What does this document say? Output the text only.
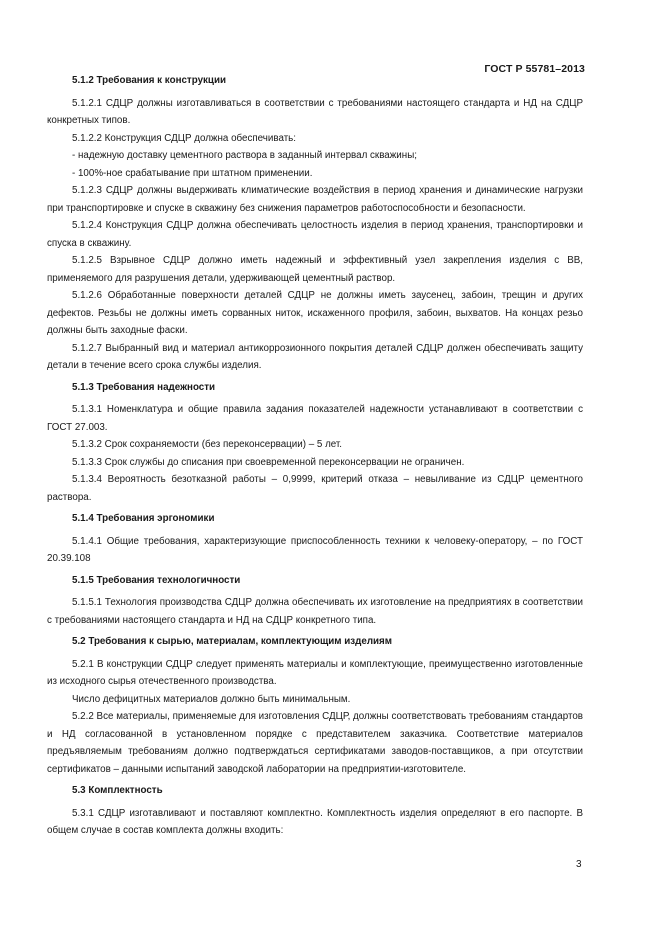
ГОСТ Р 55781–2013
5.1.2 Требования к конструкции

5.1.2.1 СДЦР должны изготавливаться в соответствии с требованиями настоящего стандарта и НД на СДЦР конкретных типов.

5.1.2.2 Конструкция СДЦР должна обеспечивать:

- надежную доставку цементного раствора в заданный интервал скважины;

- 100%-ное срабатывание при штатном применении.

5.1.2.3 СДЦР должны выдерживать климатические воздействия в период хранения и динамические нагрузки при транспортировке и спуске в скважину без снижения параметров работоспособности и безопасности.

5.1.2.4 Конструкция СДЦР должна обеспечивать целостность изделия в период хранения, транспортировки и спуска в скважину.

5.1.2.5 Взрывное СДЦР должно иметь надежный и эффективный узел закрепления изделия с ВВ, применяемого для разрушения детали, удерживающей цементный раствор.

5.1.2.6 Обработанные поверхности деталей СДЦР не должны иметь заусенец, забоин, трещин и других дефектов. Резьбы не должны иметь сорванных ниток, искаженного профиля, забоин, выхватов. На концах резьо должны быть заходные фаски.

5.1.2.7 Выбранный вид и материал антикоррозионного покрытия деталей СДЦР должен обеспечивать защиту детали в течение всего срока службы изделия.

5.1.3 Требования надежности

5.1.3.1 Номенклатура и общие правила задания показателей надежности устанавливают в соответствии с ГОСТ 27.003.

5.1.3.2 Срок сохраняемости (без переконсервации) – 5 лет.

5.1.3.3 Срок службы до списания при своевременной переконсервации не ограничен.

5.1.3.4 Вероятность безотказной работы – 0,9999, критерий отказа – невыливание из СДЦР цементного раствора.

5.1.4 Требования эргономики

5.1.4.1 Общие требования, характеризующие приспособленность техники к человеку-оператору, – по ГОСТ 20.39.108

5.1.5 Требования технологичности

5.1.5.1 Технология производства СДЦР должна обеспечивать их изготовление на предприятиях в соответствии с требованиями настоящего стандарта и НД на СДЦР конкретного типа.

5.2 Требования к сырью, материалам, комплектующим изделиям

5.2.1 В конструкции СДЦР следует применять материалы и комплектующие, преимущественно изготовленные из исходного сырья отечественного производства.

Число дефицитных материалов должно быть минимальным.

5.2.2 Все материалы, применяемые для изготовления СДЦР, должны соответствовать требованиям стандартов и НД согласованной в установленном порядке с представителем заказчика. Соответствие материалов предъявляемым требованиям должно подтверждаться сертификатами заводов-поставщиков, а при отсутствии сертификатов – данными испытаний заводской лаборатории на предприятии-изготовителе.

5.3 Комплектность

5.3.1 СДЦР изготавливают и поставляют комплектно. Комплектность изделия определяют в его паспорте. В общем случае в состав комплекта должны входить:

3
